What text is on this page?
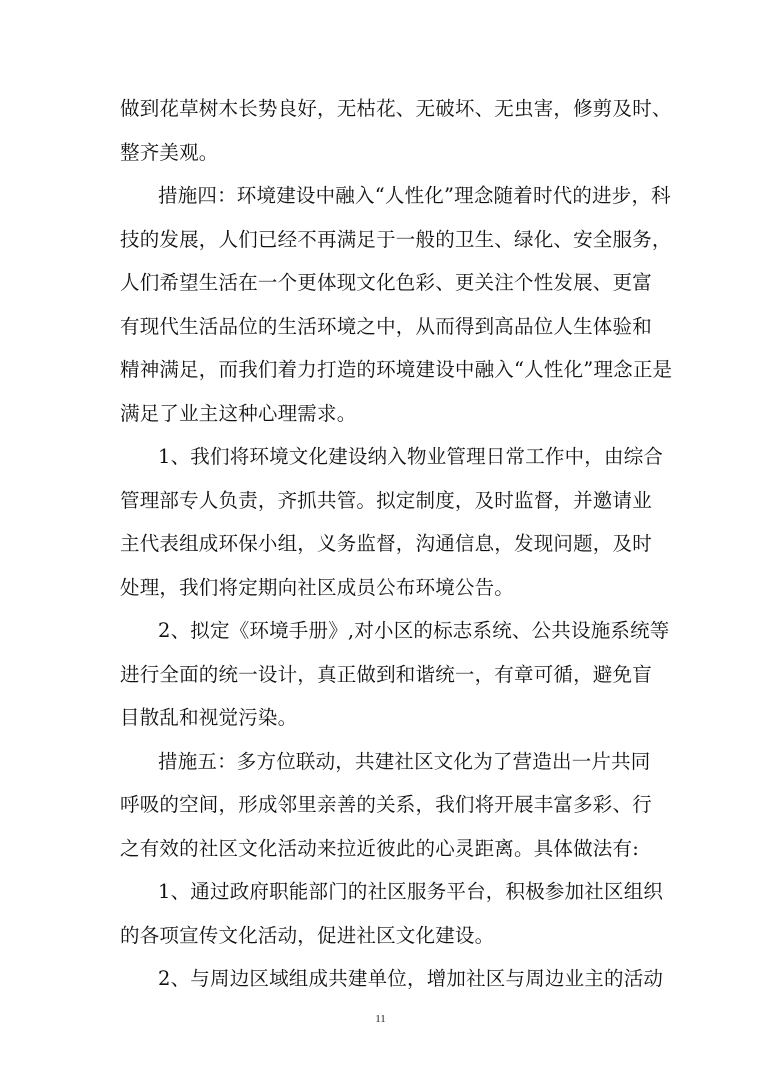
做到花草树木长势良好，无枯花、无破坏、无虫害，修剪及时、
整齐美观。
措施四：环境建设中融入“人性化”理念随着时代的进步，科
技的发展，人们已经不再满足于一般的卫生、绿化、安全服务，
人们希望生活在一个更体现文化色彩、更关注个性发展、更富
有现代生活品位的生活环境之中，从而得到高品位人生体验和
精神满足，而我们着力打造的环境建设中融入“人性化”理念正是
满足了业主这种心理需求。
1、我们将环境文化建设纳入物业管理日常工作中，由综合
管理部专人负责，齐抓共管。拟定制度，及时监督，并邀请业
主代表组成环保小组，义务监督，沟通信息，发现问题，及时
处理，我们将定期向社区成员公布环境公告。
2、拟定《环境手册》,对小区的标志系统、公共设施系统等
进行全面的统一设计，真正做到和谐统一，有章可循，避免盲
目散乱和视觉污染。
措施五：多方位联动，共建社区文化为了营造出一片共同
呼吸的空间，形成邻里亲善的关系，我们将开展丰富多彩、行
之有效的社区文化活动来拉近彼此的心灵距离。具体做法有:
1、通过政府职能部门的社区服务平台，积极参加社区组织
的各项宣传文化活动，促进社区文化建设。
2、与周边区域组成共建单位，增加社区与周边业主的活动
11
